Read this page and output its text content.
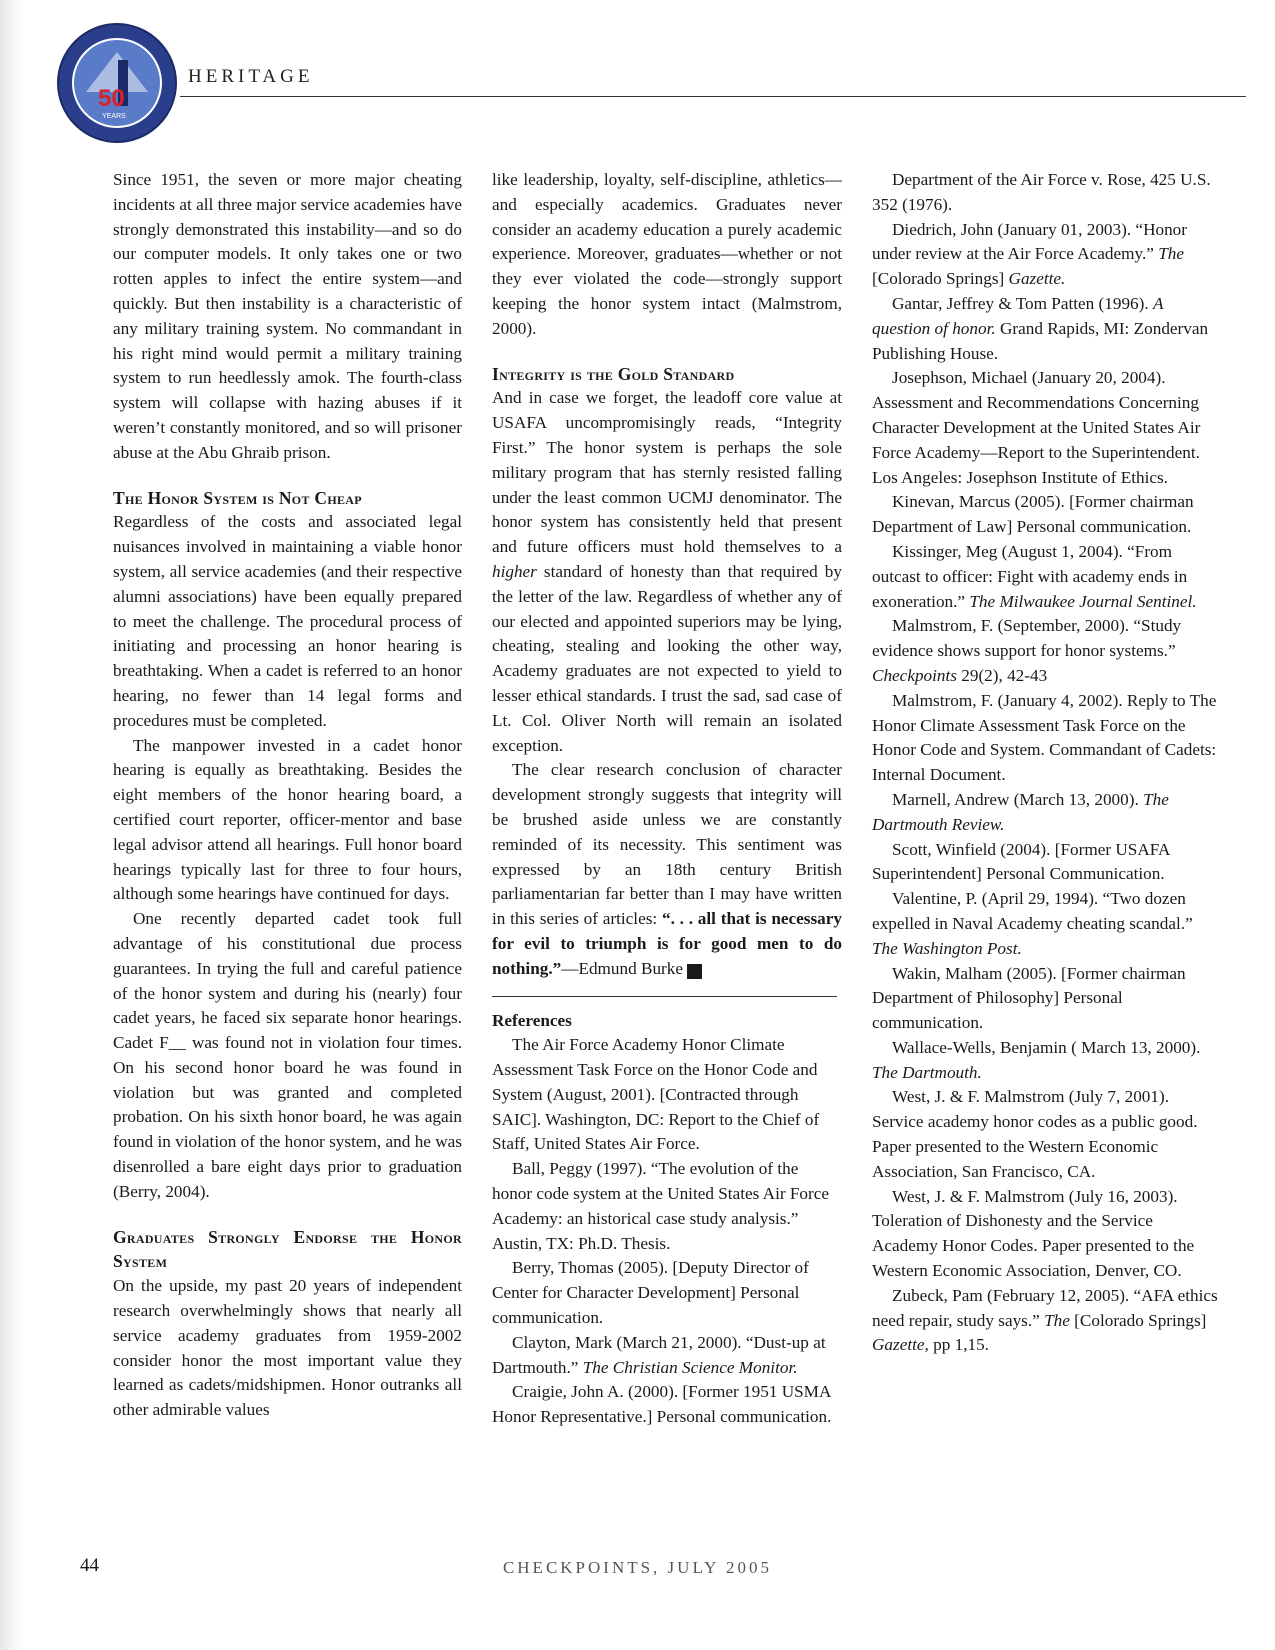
50
YEARS
HERITAGE

Since 1951, the seven or more major cheating incidents at all three major service academies have strongly demonstrated this instability—and so do our computer models. It only takes one or two rotten apples to infect the entire system—and quickly. But then instability is a characteristic of any military training system. No commandant in his right mind would permit a military training system to run heedlessly amok. The fourth-class system will collapse with hazing abuses if it weren’t constantly monitored, and so will prisoner abuse at the Abu Ghraib prison.

The Honor System is Not Cheap

Regardless of the costs and associated legal nuisances involved in maintaining a viable honor system, all service academies (and their respective alumni associations) have been equally prepared to meet the challenge. The procedural process of initiating and processing an honor hearing is breathtaking. When a cadet is referred to an honor hearing, no fewer than 14 legal forms and procedures must be completed.

The manpower invested in a cadet honor hearing is equally as breathtaking. Besides the eight members of the honor hearing board, a certified court reporter, officer-mentor and base legal advisor attend all hearings. Full honor board hearings typically last for three to four hours, although some hearings have continued for days.

One recently departed cadet took full advantage of his constitutional due process guarantees. In trying the full and careful patience of the honor system and during his (nearly) four cadet years, he faced six separate honor hearings. Cadet F__ was found not in violation four times. On his second honor board he was found in violation but was granted and completed probation. On his sixth honor board, he was again found in violation of the honor system, and he was disenrolled a bare eight days prior to graduation (Berry, 2004).

Graduates Strongly Endorse the Honor System

On the upside, my past 20 years of independent research overwhelmingly shows that nearly all service academy graduates from 1959-2002 consider honor the most important value they learned as cadets/midshipmen. Honor outranks all other admirable values

like leadership, loyalty, self-discipline, athletics—and especially academics. Graduates never consider an academy education a purely academic experience. Moreover, graduates—whether or not they ever violated the code—strongly support keeping the honor system intact (Malmstrom, 2000).

Integrity is the Gold Standard

And in case we forget, the leadoff core value at USAFA uncompromisingly reads, “Integrity First.” The honor system is perhaps the sole military program that has sternly resisted falling under the least common UCMJ denominator. The honor system has consistently held that present and future officers must hold themselves to a higher standard of honesty than that required by the letter of the law. Regardless of whether any of our elected and appointed superiors may be lying, cheating, stealing and looking the other way, Academy graduates are not expected to yield to lesser ethical standards. I trust the sad, sad case of Lt. Col. Oliver North will remain an isolated exception.

The clear research conclusion of character development strongly suggests that integrity will be brushed aside unless we are constantly reminded of its necessity. This sentiment was expressed by an 18th century British parliamentarian far better than I may have written in this series of articles: “. . . all that is necessary for evil to triumph is for good men to do nothing.”—Edmund Burke ✓

References

The Air Force Academy Honor Climate Assessment Task Force on the Honor Code and System (August, 2001). [Contracted through SAIC]. Washington, DC: Report to the Chief of Staff, United States Air Force.

Ball, Peggy (1997). “The evolution of the honor code system at the United States Air Force Academy: an historical case study analysis.” Austin, TX: Ph.D. Thesis.

Berry, Thomas (2005). [Deputy Director of Center for Character Development] Personal communication.

Clayton, Mark (March 21, 2000). “Dust-up at Dartmouth.” The Christian Science Monitor.

Craigie, John A. (2000). [Former 1951 USMA Honor Representative.] Personal communication.

Department of the Air Force v. Rose, 425 U.S. 352 (1976).

Diedrich, John (January 01, 2003). “Honor under review at the Air Force Academy.” The [Colorado Springs] Gazette.

Gantar, Jeffrey & Tom Patten (1996). A question of honor. Grand Rapids, MI: Zondervan Publishing House.

Josephson, Michael (January 20, 2004). Assessment and Recommendations Concerning Character Development at the United States Air Force Academy—Report to the Superintendent. Los Angeles: Josephson Institute of Ethics.

Kinevan, Marcus (2005). [Former chairman Department of Law] Personal communication.

Kissinger, Meg (August 1, 2004). “From outcast to officer: Fight with academy ends in exoneration.” The Milwaukee Journal Sentinel.

Malmstrom, F. (September, 2000). “Study evidence shows support for honor systems.” Checkpoints 29(2), 42-43

Malmstrom, F. (January 4, 2002). Reply to The Honor Climate Assessment Task Force on the Honor Code and System. Commandant of Cadets: Internal Document.

Marnell, Andrew (March 13, 2000). The Dartmouth Review.

Scott, Winfield (2004). [Former USAFA Superintendent] Personal Communication.

Valentine, P. (April 29, 1994). “Two dozen expelled in Naval Academy cheating scandal.” The Washington Post.

Wakin, Malham (2005). [Former chairman Department of Philosophy] Personal communication.

Wallace-Wells, Benjamin ( March 13, 2000). The Dartmouth.

West, J. & F. Malmstrom (July 7, 2001). Service academy honor codes as a public good. Paper presented to the Western Economic Association, San Francisco, CA.

West, J. & F. Malmstrom (July 16, 2003). Toleration of Dishonesty and the Service Academy Honor Codes. Paper presented to the Western Economic Association, Denver, CO.

Zubeck, Pam (February 12, 2005). “AFA ethics need repair, study says.” The [Colorado Springs] Gazette, pp 1,15.

44	CHECKPOINTS, JULY 2005
